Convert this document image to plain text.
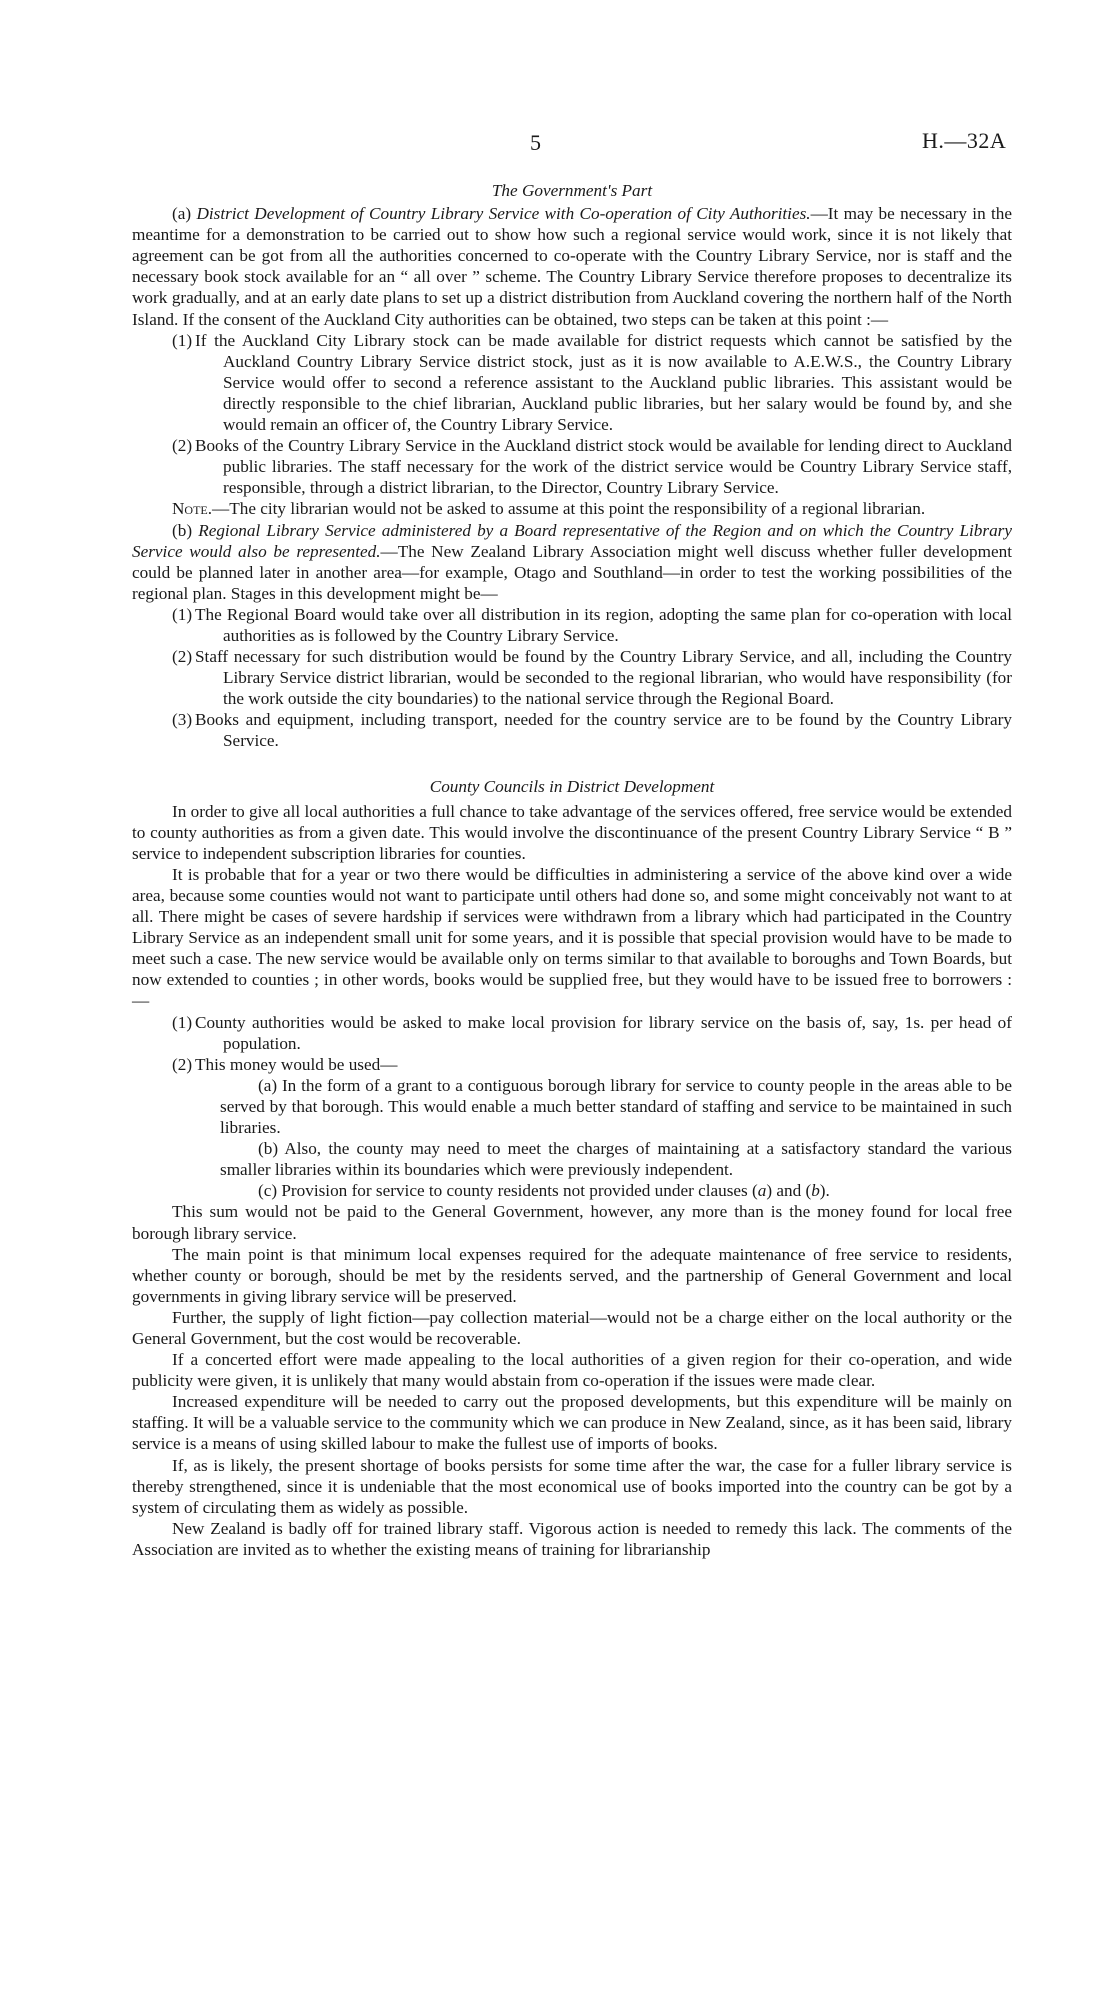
5	H.—32A

The Government's Part

(a) District Development of Country Library Service with Co-operation of City Authorities.—It may be necessary in the meantime for a demonstration to be carried out to show how such a regional service would work, since it is not likely that agreement can be got from all the authorities concerned to co-operate with the Country Library Service, nor is staff and the necessary book stock available for an “ all over ” scheme. The Country Library Service therefore proposes to decentralize its work gradually, and at an early date plans to set up a district distribution from Auckland covering the northern half of the North Island. If the consent of the Auckland City authorities can be obtained, two steps can be taken at this point :—

(1) If the Auckland City Library stock can be made available for district requests which cannot be satisfied by the Auckland Country Library Service district stock, just as it is now available to A.E.W.S., the Country Library Service would offer to second a reference assistant to the Auckland public libraries. This assistant would be directly responsible to the chief librarian, Auckland public libraries, but her salary would be found by, and she would remain an officer of, the Country Library Service.
(2) Books of the Country Library Service in the Auckland district stock would be available for lending direct to Auckland public libraries. The staff necessary for the work of the district service would be Country Library Service staff, responsible, through a district librarian, to the Director, Country Library Service.

Note.—The city librarian would not be asked to assume at this point the responsibility of a regional librarian.

(b) Regional Library Service administered by a Board representative of the Region and on which the Country Library Service would also be represented.—The New Zealand Library Association might well discuss whether fuller development could be planned later in another area—for example, Otago and Southland—in order to test the working possibilities of the regional plan. Stages in this development might be—

(1) The Regional Board would take over all distribution in its region, adopting the same plan for co-operation with local authorities as is followed by the Country Library Service.
(2) Staff necessary for such distribution would be found by the Country Library Service, and all, including the Country Library Service district librarian, would be seconded to the regional librarian, who would have responsibility (for the work outside the city boundaries) to the national service through the Regional Board.
(3) Books and equipment, including transport, needed for the country service are to be found by the Country Library Service.

County Councils in District Development

In order to give all local authorities a full chance to take advantage of the services offered, free service would be extended to county authorities as from a given date. This would involve the discontinuance of the present Country Library Service “ B ” service to independent subscription libraries for counties.

It is probable that for a year or two there would be difficulties in administering a service of the above kind over a wide area, because some counties would not want to participate until others had done so, and some might conceivably not want to at all. There might be cases of severe hardship if services were withdrawn from a library which had participated in the Country Library Service as an independent small unit for some years, and it is possible that special provision would have to be made to meet such a case. The new service would be available only on terms similar to that available to boroughs and Town Boards, but now extended to counties ; in other words, books would be supplied free, but they would have to be issued free to borrowers :—

(1) County authorities would be asked to make local provision for library service on the basis of, say, 1s. per head of population.
(2) This money would be used—

(a) In the form of a grant to a contiguous borough library for service to county people in the areas able to be served by that borough. This would enable a much better standard of staffing and service to be maintained in such libraries.

(b) Also, the county may need to meet the charges of maintaining at a satisfactory standard the various smaller libraries within its boundaries which were previously independent.

(c) Provision for service to county residents not provided under clauses (a) and (b).

This sum would not be paid to the General Government, however, any more than is the money found for local free borough library service.

The main point is that minimum local expenses required for the adequate maintenance of free service to residents, whether county or borough, should be met by the residents served, and the partnership of General Government and local governments in giving library service will be preserved.

Further, the supply of light fiction—pay collection material—would not be a charge either on the local authority or the General Government, but the cost would be recoverable.

If a concerted effort were made appealing to the local authorities of a given region for their co-operation, and wide publicity were given, it is unlikely that many would abstain from co-operation if the issues were made clear.

Increased expenditure will be needed to carry out the proposed developments, but this expenditure will be mainly on staffing. It will be a valuable service to the community which we can produce in New Zealand, since, as it has been said, library service is a means of using skilled labour to make the fullest use of imports of books.

If, as is likely, the present shortage of books persists for some time after the war, the case for a fuller library service is thereby strengthened, since it is undeniable that the most economical use of books imported into the country can be got by a system of circulating them as widely as possible.

New Zealand is badly off for trained library staff. Vigorous action is needed to remedy this lack. The comments of the Association are invited as to whether the existing means of training for librarianship
